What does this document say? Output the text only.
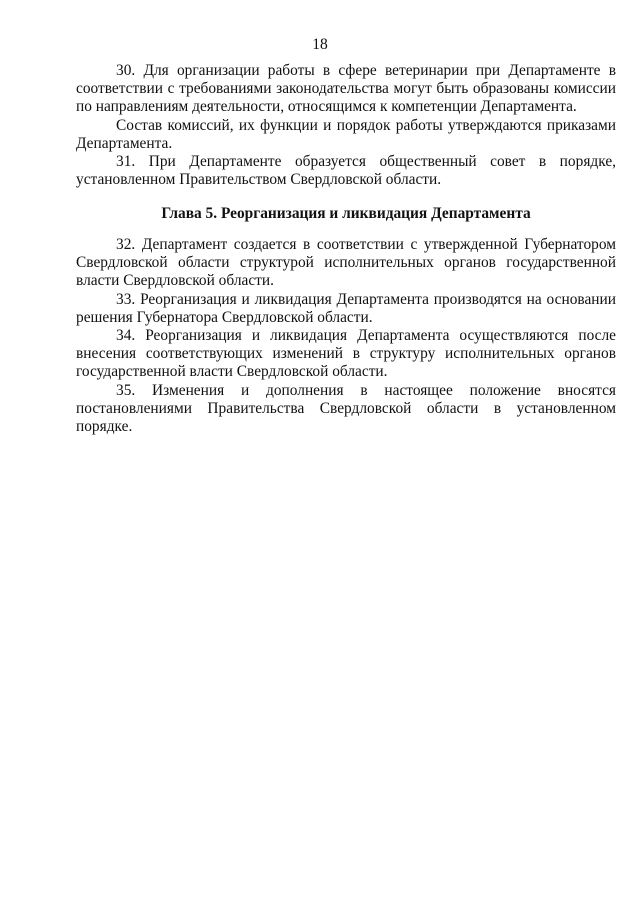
18

30. Для организации работы в сфере ветеринарии при Департаменте в соответствии с требованиями законодательства могут быть образованы комиссии по направлениям деятельности, относящимся к компетенции Департамента.

Состав комиссий, их функции и порядок работы утверждаются приказами Департамента.

31. При Департаменте образуется общественный совет в порядке, установленном Правительством Свердловской области.

Глава 5. Реорганизация и ликвидация Департамента

32. Департамент создается в соответствии с утвержденной Губернатором Свердловской области структурой исполнительных органов государственной власти Свердловской области.

33. Реорганизация и ликвидация Департамента производятся на основании решения Губернатора Свердловской области.

34. Реорганизация и ликвидация Департамента осуществляются после внесения соответствующих изменений в структуру исполнительных органов государственной власти Свердловской области.

35. Изменения и дополнения в настоящее положение вносятся постановлениями Правительства Свердловской области в установленном порядке.
